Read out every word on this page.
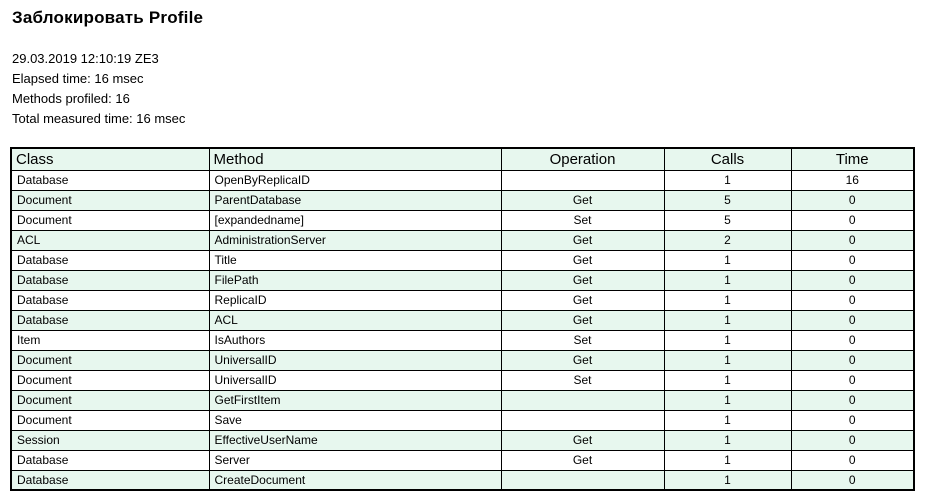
Заблокировать Profile
29.03.2019 12:10:19 ZE3
Elapsed time: 16 msec
Methods profiled: 16
Total measured time: 16 msec
Class	Method	Operation	Calls	Time
Database	OpenByReplicaID		1	16
Document	ParentDatabase	Get	5	0
Document	[expandedname]	Set	5	0
ACL	AdministrationServer	Get	2	0
Database	Title	Get	1	0
Database	FilePath	Get	1	0
Database	ReplicaID	Get	1	0
Database	ACL	Get	1	0
Item	IsAuthors	Set	1	0
Document	UniversalID	Get	1	0
Document	UniversalID	Set	1	0
Document	GetFirstItem		1	0
Document	Save		1	0
Session	EffectiveUserName	Get	1	0
Database	Server	Get	1	0
Database	CreateDocument		1	0
